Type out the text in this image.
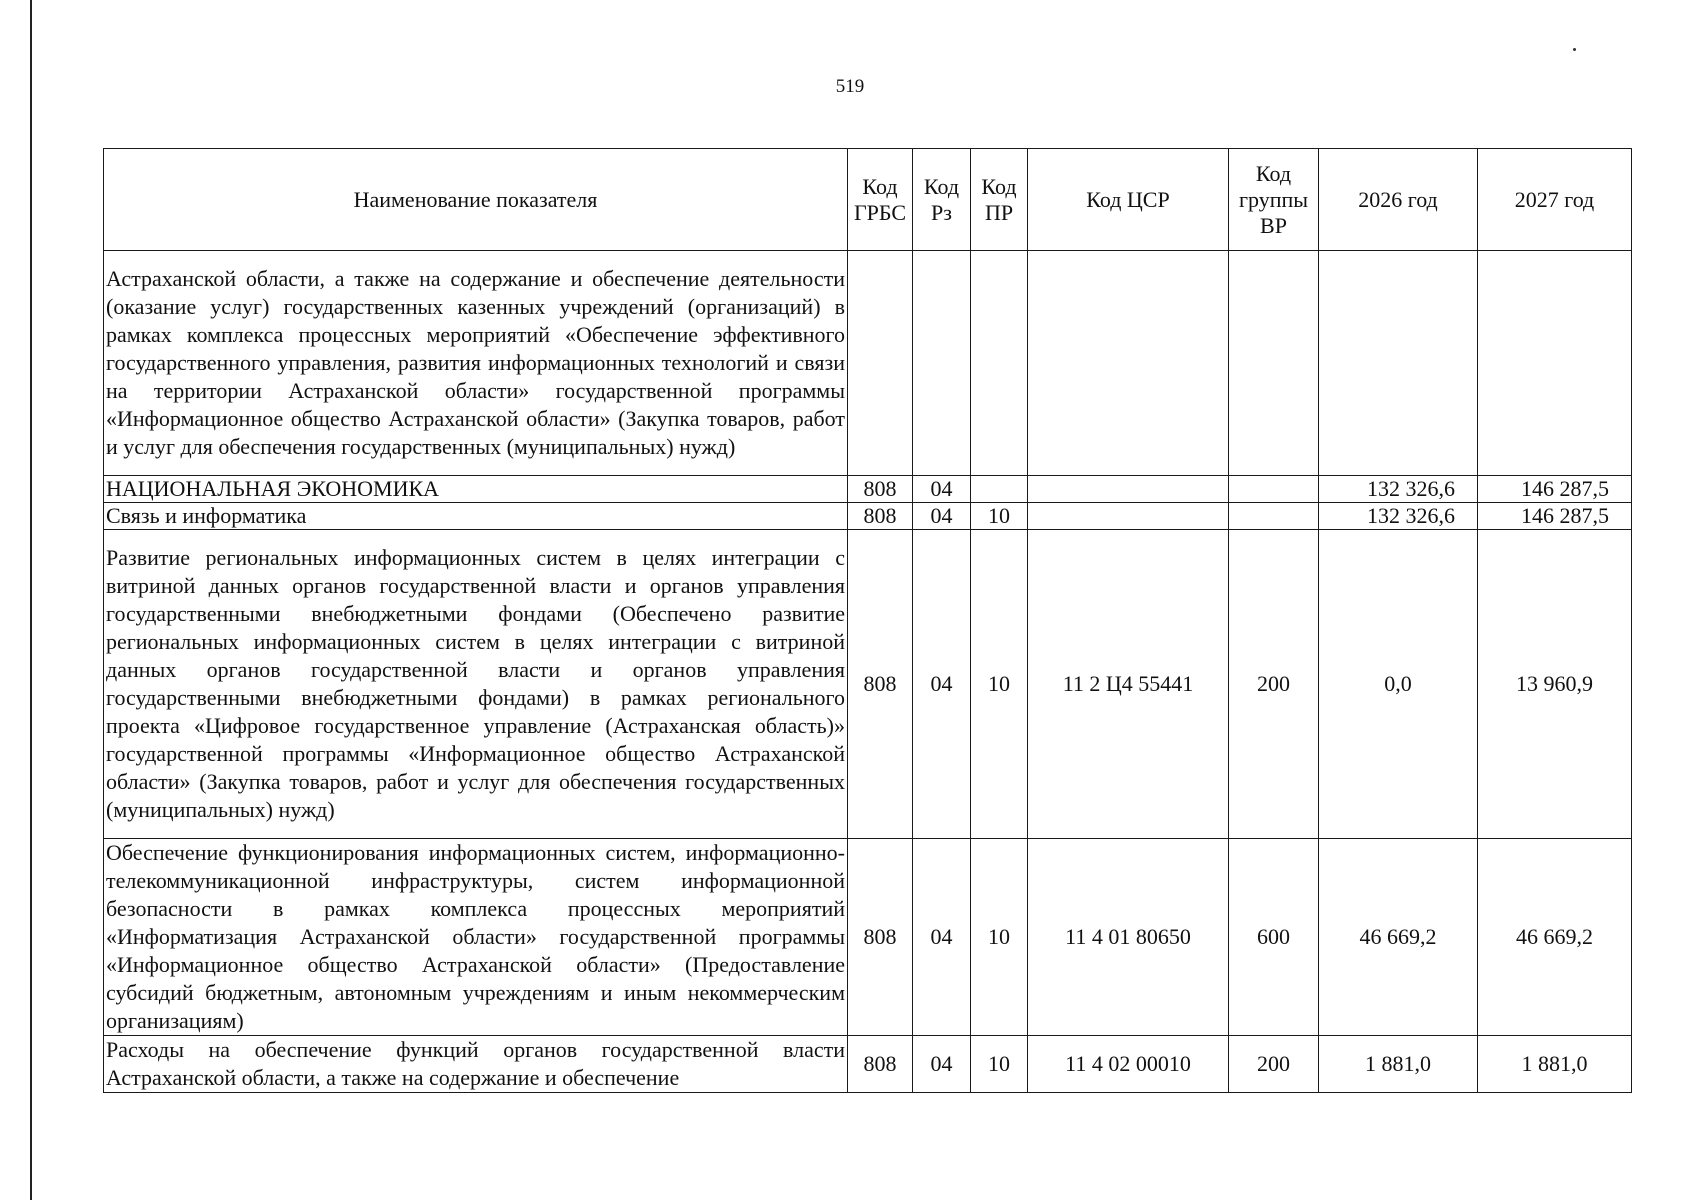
519
Наименование показателя	Код ГРБС	Код Рз	Код ПР	Код ЦСР	Код группы ВР	2026 год	2027 год
Астраханской области, а также на содержание и обеспечение деятельности (оказание услуг) государственных казенных учреждений (организаций) в рамках комплекса процессных мероприятий «Обеспечение эффективного государственного управления, развития информационных технологий и связи на территории Астраханской области» государственной программы «Информационное общество Астраханской области» (Закупка товаров, работ и услуг для обеспечения государственных (муниципальных) нужд)							
НАЦИОНАЛЬНАЯ ЭКОНОМИКА	808	04				132 326,6	146 287,5
Связь и информатика	808	04	10			132 326,6	146 287,5
Развитие региональных информационных систем в целях интеграции с витриной данных органов государственной власти и органов управления государственными внебюджетными фондами (Обеспечено развитие региональных информационных систем в целях интеграции с витриной данных органов государственной власти и органов управления государственными внебюджетными фондами) в рамках регионального проекта «Цифровое государственное управление (Астраханская область)» государственной программы «Информационное общество Астраханской области» (Закупка товаров, работ и услуг для обеспечения государственных (муниципальных) нужд)	808	04	10	11 2 Ц4 55441	200	0,0	13 960,9
Обеспечение функционирования информационных систем, информационно-телекоммуникационной инфраструктуры, систем информационной безопасности в рамках комплекса процессных мероприятий «Информатизация Астраханской области» государственной программы «Информационное общество Астраханской области» (Предоставление субсидий бюджетным, автономным учреждениям и иным некоммерческим организациям)	808	04	10	11 4 01 80650	600	46 669,2	46 669,2
Расходы на обеспечение функций органов государственной власти Астраханской области, а также на содержание и обеспечение	808	04	10	11 4 02 00010	200	1 881,0	1 881,0
